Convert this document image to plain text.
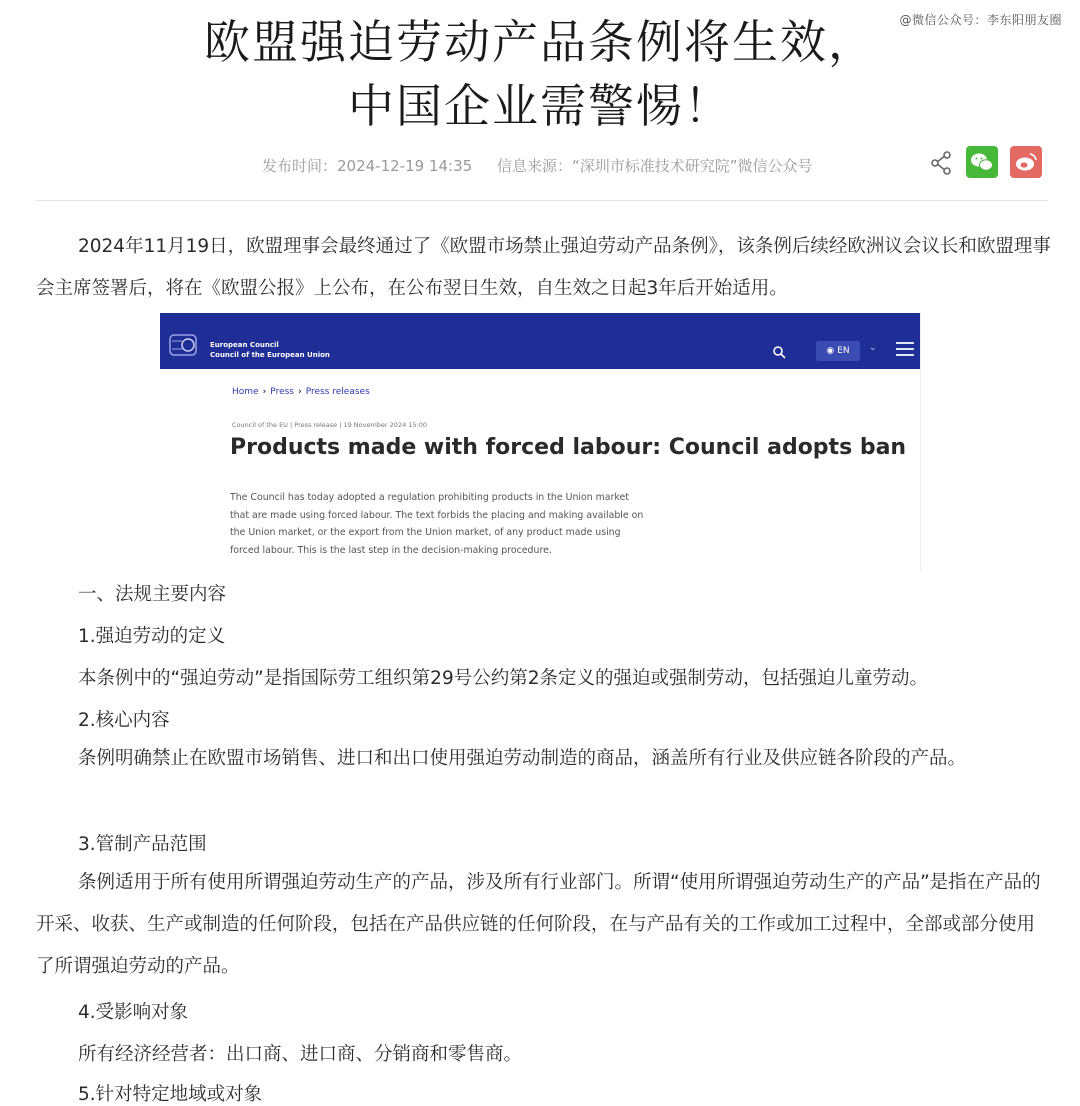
@微信公众号：李东阳朋友圈
欧盟强迫劳动产品条例将生效，
中国企业需警惕！
发布时间：2024-12-19 14:35 信息来源：“深圳市标准技术研究院”微信公众号
2024年11月19日，欧盟理事会最终通过了《欧盟市场禁止强迫劳动产品条例》，该条例后续经欧洲议会议长和欧盟理事会主席签署后，将在《欧盟公报》上公布，在公布翌日生效，自生效之日起3年后开始适用。
European Council
Council of the European Union	◉ EN	⌄
Home › Press › Press releases
Council of the EU | Press release | 19 November 2024 15:00
Products made with forced labour: Council adopts ban
The Council has today adopted a regulation prohibiting products in the Union market that are made using forced labour. The text forbids the placing and making available on the Union market, or the export from the Union market, of any product made using forced labour. This is the last step in the decision-making procedure.
一、法规主要内容
1.强迫劳动的定义
本条例中的“强迫劳动”是指国际劳工组织第29号公约第2条定义的强迫或强制劳动，包括强迫儿童劳动。
2.核心内容
条例明确禁止在欧盟市场销售、进口和出口使用强迫劳动制造的商品，涵盖所有行业及供应链各阶段的产品。
3.管制产品范围
条例适用于所有使用所谓强迫劳动生产的产品，涉及所有行业部门。所谓“使用所谓强迫劳动生产的产品”是指在产品的开采、收获、生产或制造的任何阶段，包括在产品供应链的任何阶段，在与产品有关的工作或加工过程中，全部或部分使用了所谓强迫劳动的产品。
4.受影响对象
所有经济经营者：出口商、进口商、分销商和零售商。
5.针对特定地域或对象
